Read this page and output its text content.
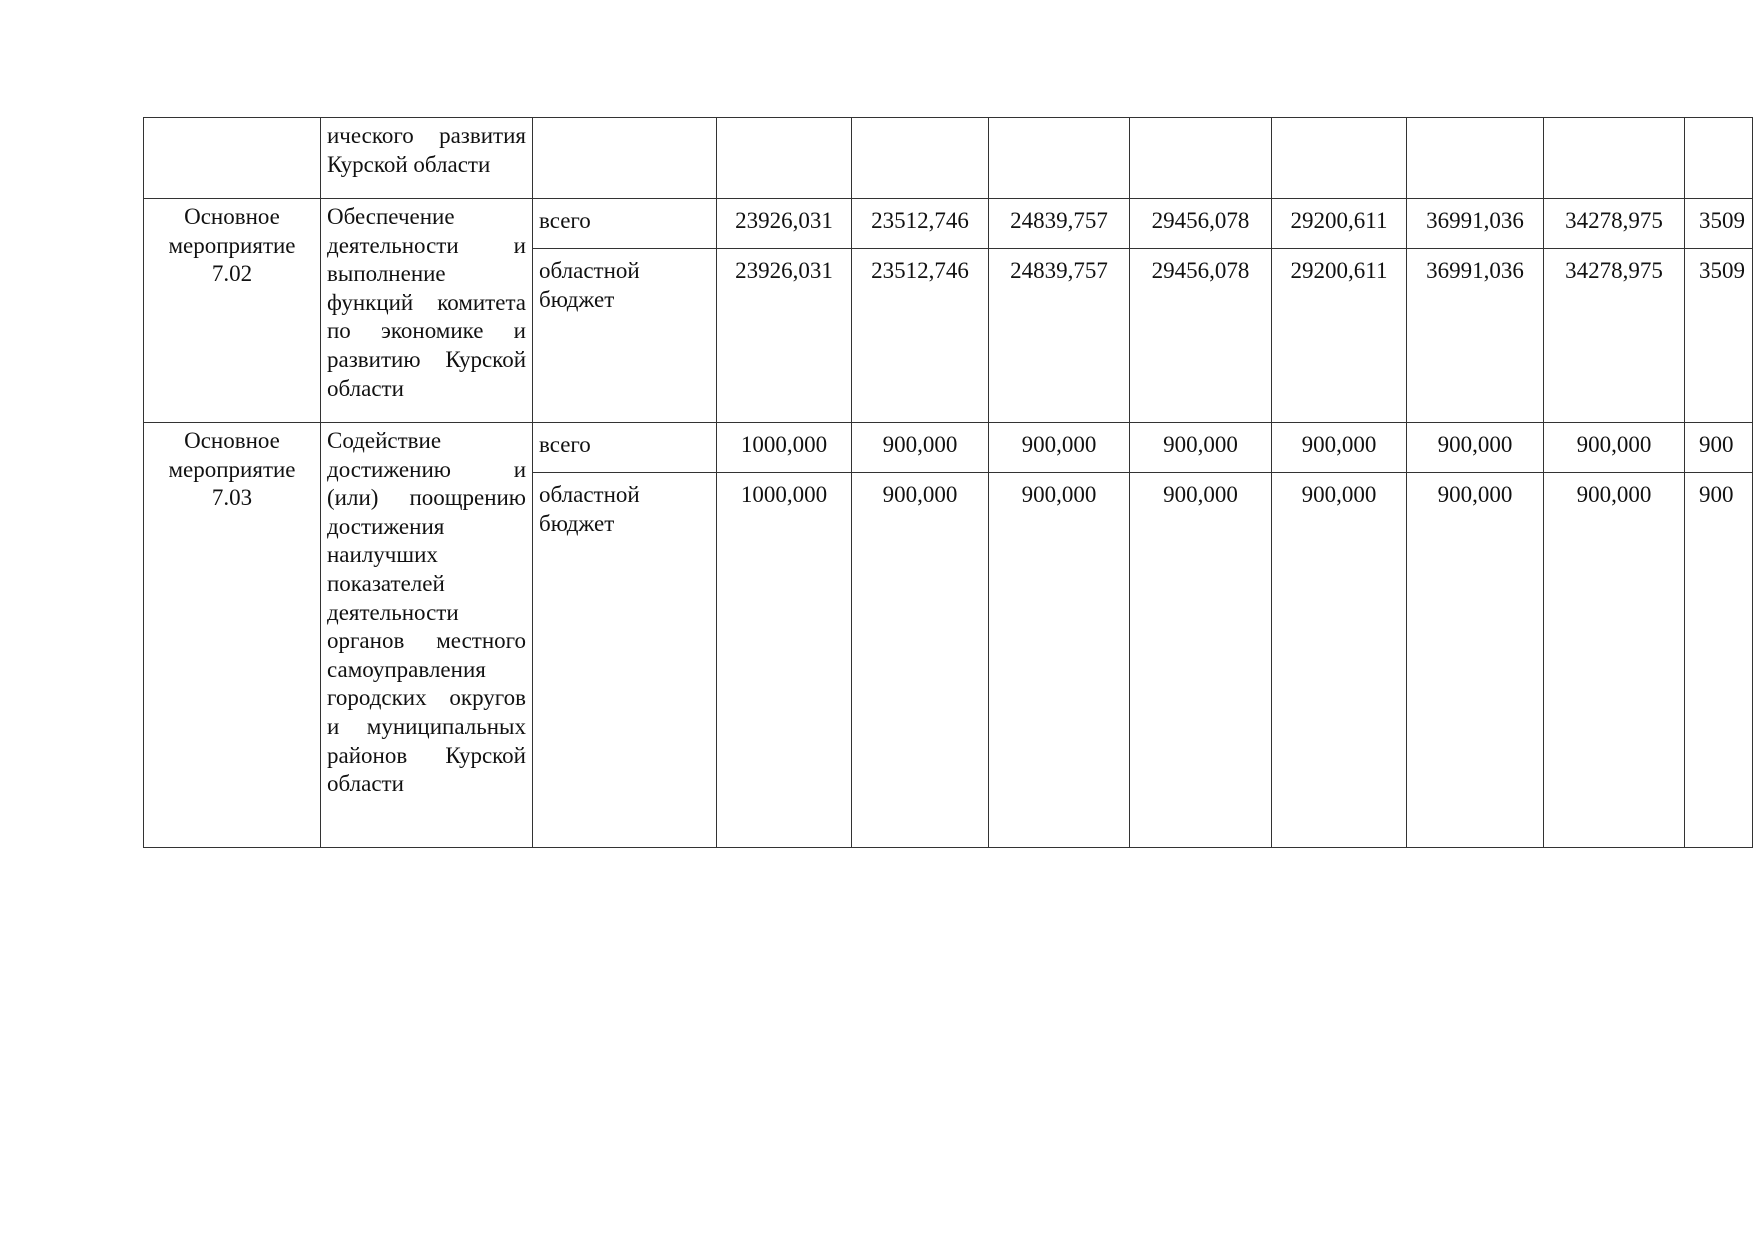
	ического развития Курской области									
Основное мероприятие 7.02	Обеспечение деятельности и выполнение функций комитета по экономике и развитию Курской области	всего	23926,031	23512,746	24839,757	29456,078	29200,611	36991,036	34278,975	3509
		областной бюджет	23926,031	23512,746	24839,757	29456,078	29200,611	36991,036	34278,975	3509
Основное мероприятие 7.03	Содействие достижению и (или) поощрению достижения наилучших показателей деятельности органов местного самоуправления городских округов и муниципальных районов Курской области	всего	1000,000	900,000	900,000	900,000	900,000	900,000	900,000	900
		областной бюджет	1000,000	900,000	900,000	900,000	900,000	900,000	900,000	900
